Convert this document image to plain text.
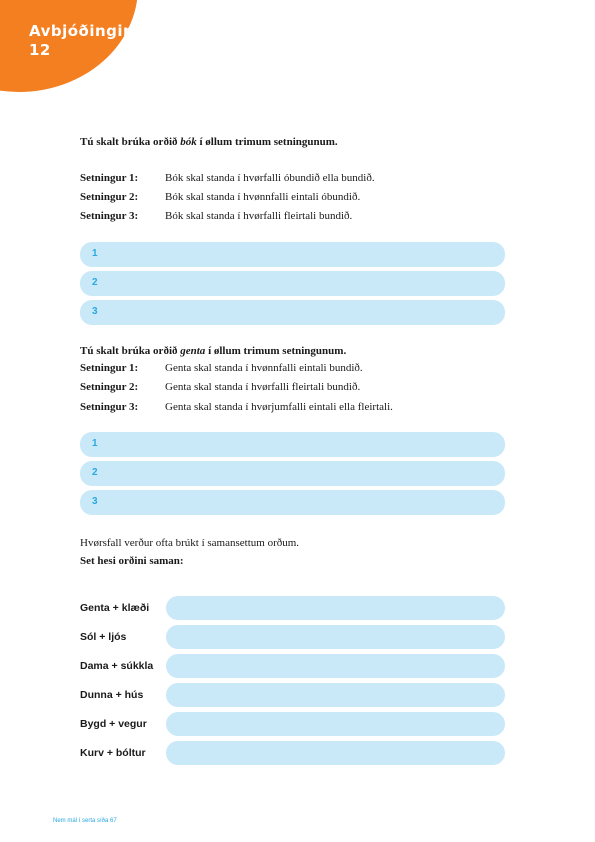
Avbjóðingin
12
Tú skalt brúka orðið bók í øllum trimum setningunum.
Setningur 1: Bók skal standa í hvørfalli óbundið ella bundið.
Setningur 2: Bók skal standa í hvønnfalli eintali óbundið.
Setningur 3: Bók skal standa í hvørfalli fleirtali bundið.
1
2
3
Tú skalt brúka orðið genta í øllum trimum setningunum.
Setningur 1: Genta skal standa í hvønnfalli eintali bundið.
Setningur 2: Genta skal standa í hvørfalli fleirtali bundið.
Setningur 3: Genta skal standa í hvørjumfalli eintali ella fleirtali.
1
2
3
Hvørsfall verður ofta brúkt í samansettum orðum.
Set hesi orðini saman:
Genta + klæði
Sól + ljós
Dama + súkkla
Dunna + hús
Bygd + vegur
Kurv + bóltur
Nem mál í serta síða 67
